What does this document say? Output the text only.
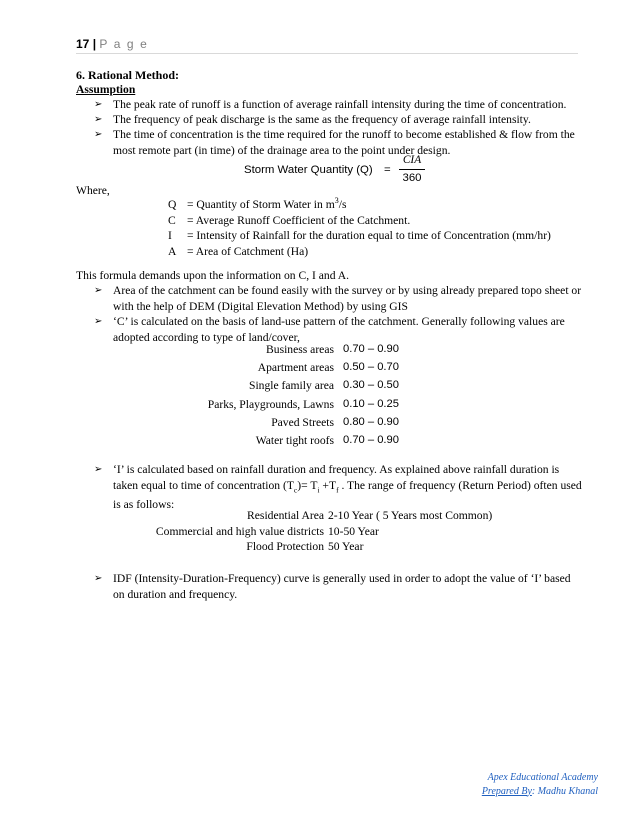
17 | P a g e
6. Rational Method:
Assumption
➢ The peak rate of runoff is a function of average rainfall intensity during the time of concentration.
➢ The frequency of peak discharge is the same as the frequency of average rainfall intensity.
➢ The time of concentration is the time required for the runoff to become established & flow from the most remote part (in time) of the drainage area to the point under design.
Storm Water Quantity (Q) =
CIA
360
Where,
Q = Quantity of Storm Water in $m^3/s$
C = Average Runoff Coefficient of the Catchment.
I	= Intensity of Rainfall for the duration equal to time of Concentration (mm/hr)
A = Area of Catchment (Ha)
This formula demands upon the information on C, I and A.
➢ Area of the catchment can be found easily with the survey or by using already prepared topo sheet or with the help of DEM (Digital Elevation Method) by using GIS
➢ ‘C’ is calculated on the basis of land-use pattern of the catchment. Generally following values are adopted according to type of land/cover,
Business areas 0.70 – 0.90
Apartment areas 0.50 – 0.70
Single family area 0.30 – 0.50
Parks, Playgrounds, Lawns 0.10 – 0.25
Paved Streets 0.80 – 0.90
Water tight roofs 0.70 – 0.90
➢ ‘I’ is calculated based on rainfall duration and frequency. As explained above rainfall duration is taken equal to time of concentration $(T_c)= T_i +T_f$ . The range of frequency (Return Period) often used is as follows:
Residential Area 2-10 Year ( 5 Years most Common)
Commercial and high value districts 10-50 Year
Flood Protection 50 Year
➢ IDF (Intensity-Duration-Frequency) curve is generally used in order to adopt the value of ‘I’ based on duration and frequency.
Apex Educational Academy
Prepared By: Madhu Khanal
